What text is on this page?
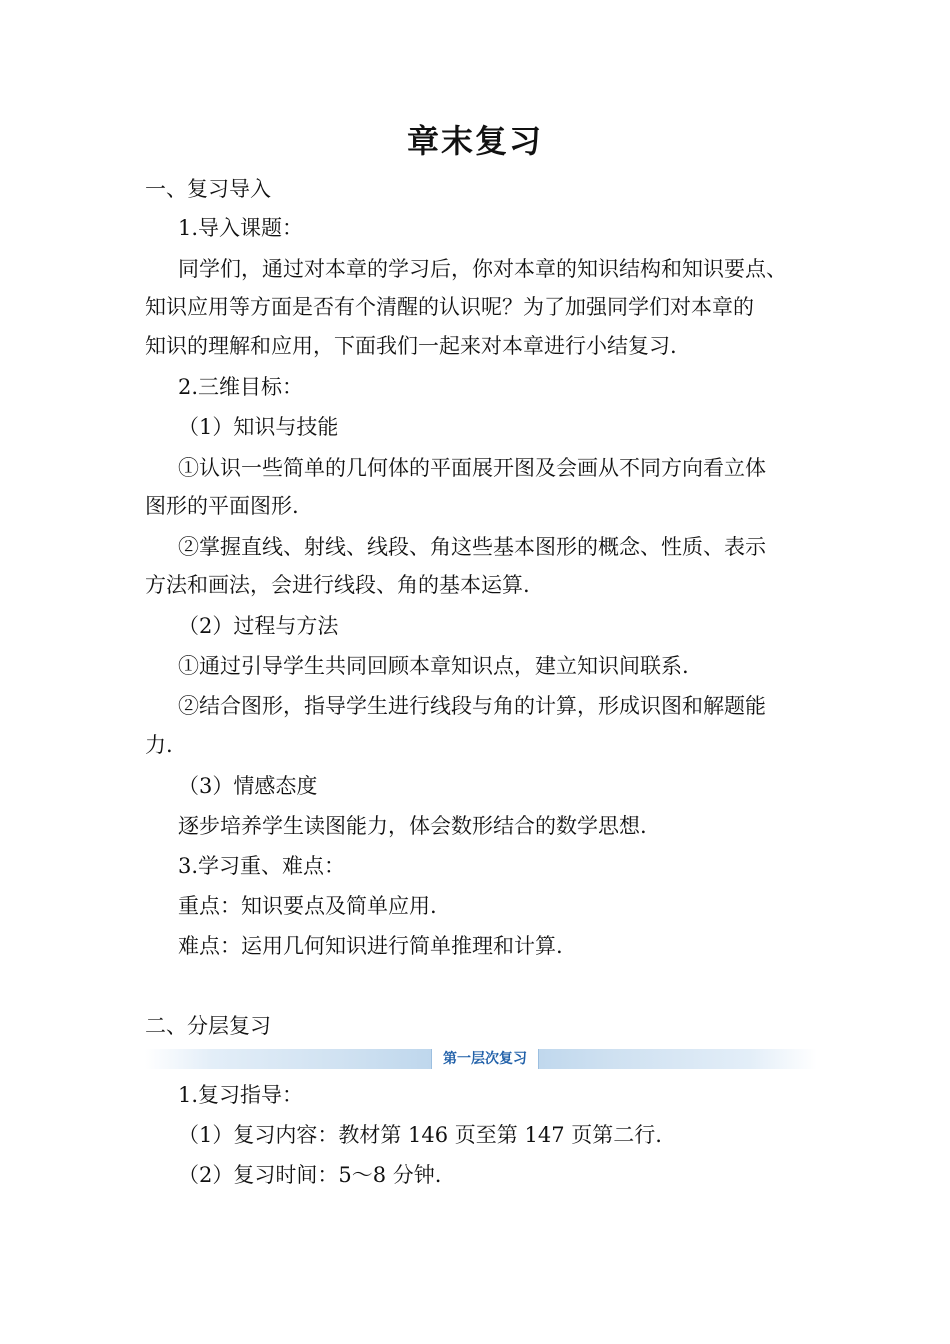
章末复习
一、复习导入
1.导入课题：
同学们，通过对本章的学习后，你对本章的知识结构和知识要点、
知识应用等方面是否有个清醒的认识呢？为了加强同学们对本章的
知识的理解和应用，下面我们一起来对本章进行小结复习.
2.三维目标：
（1）知识与技能
①认识一些简单的几何体的平面展开图及会画从不同方向看立体
图形的平面图形.
②掌握直线、射线、线段、角这些基本图形的概念、性质、表示
方法和画法，会进行线段、角的基本运算.
（2）过程与方法
①通过引导学生共同回顾本章知识点，建立知识间联系.
②结合图形，指导学生进行线段与角的计算，形成识图和解题能
力.
（3）情感态度
逐步培养学生读图能力，体会数形结合的数学思想.
3.学习重、难点：
重点：知识要点及简单应用.
难点：运用几何知识进行简单推理和计算.
二、分层复习
第一层次复习
1.复习指导：
（1）复习内容：教材第 146 页至第 147 页第二行.
（2）复习时间：5～8 分钟.
